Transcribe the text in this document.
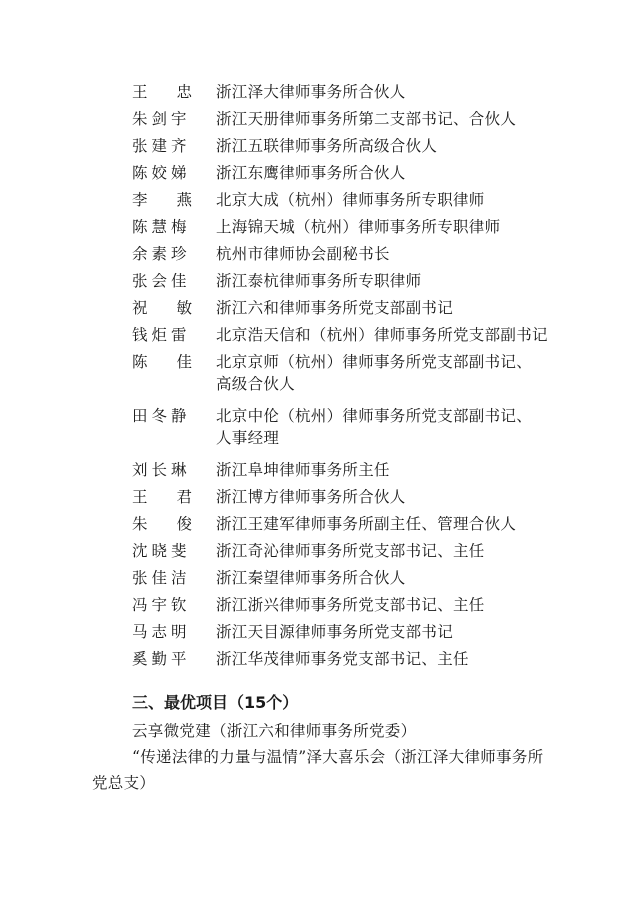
王 忠 浙江泽大律师事务所合伙人
朱剑宇 浙江天册律师事务所第二支部书记、合伙人
张建齐 浙江五联律师事务所高级合伙人
陈姣娣 浙江东鹰律师事务所合伙人
李 燕 北京大成（杭州）律师事务所专职律师
陈慧梅 上海锦天城（杭州）律师事务所专职律师
余素珍 杭州市律师协会副秘书长
张会佳 浙江泰杭律师事务所专职律师
祝 敏 浙江六和律师事务所党支部副书记
钱炬雷 北京浩天信和（杭州）律师事务所党支部副书记
陈 佳 北京京师（杭州）律师事务所党支部副书记、
高级合伙人
田冬静 北京中伦（杭州）律师事务所党支部副书记、
人事经理
刘长琳 浙江阜坤律师事务所主任
王 君 浙江博方律师事务所合伙人
朱 俊 浙江王建军律师事务所副主任、管理合伙人
沈晓斐 浙江奇沁律师事务所党支部书记、主任
张佳洁 浙江秦望律师事务所合伙人
冯宇钦 浙江浙兴律师事务所党支部书记、主任
马志明 浙江天目源律师事务所党支部书记
奚勤平 浙江华茂律师事务党支部书记、主任
三、最优项目（15个）
云享微党建（浙江六和律师事务所党委）
“传递法律的力量与温情”泽大喜乐会（浙江泽大律师事务所党总支）
